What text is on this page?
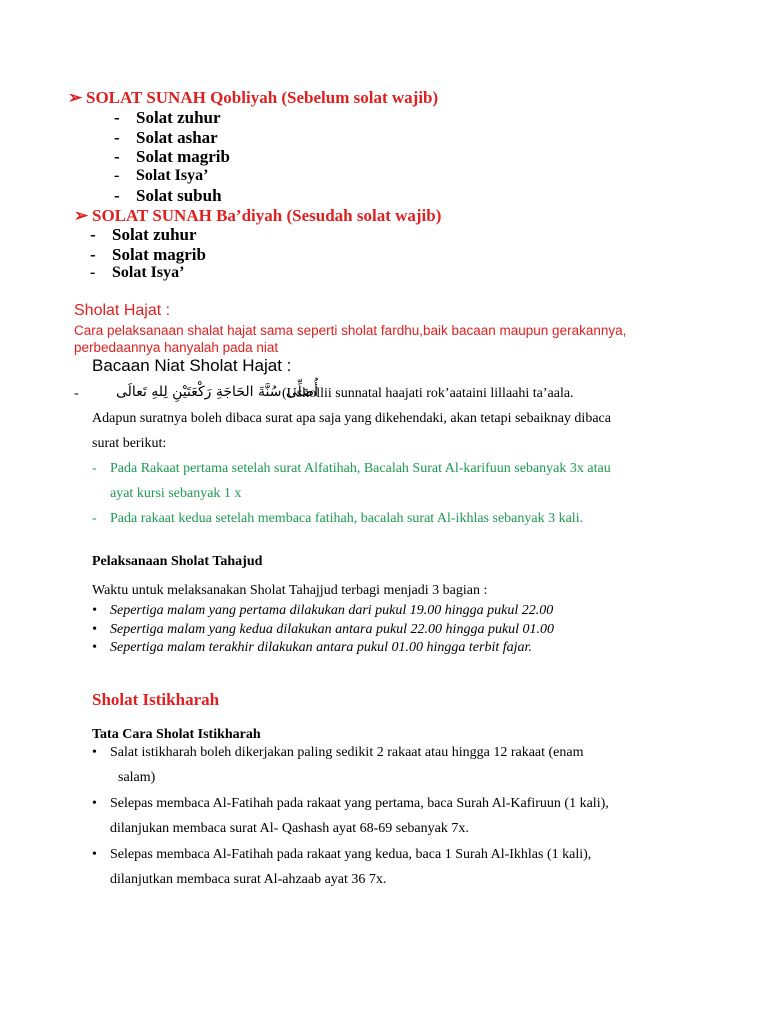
➢ SOLAT SUNAH Qobliyah (Sebelum solat wajib)
- Solat zuhur
- Solat ashar
- Solat magrib
- Solat Isya’
- Solat subuh
➢ SOLAT SUNAH Ba’diyah (Sesudah solat wajib)
- Solat zuhur
- Solat magrib
- Solat Isya’
Sholat Hajat :
Cara pelaksanaan shalat hajat sama seperti sholat fardhu,baik bacaan maupun gerakannya,
perbedaannya hanyalah pada niat
Bacaan Niat Sholat Hajat :
-	أُصَلِّى سُنَّةَ الحَاجَةِ رَكْعَتَيْنِ لِلهِ تَعالَى
(Ushollii sunnatal haajati rok’aataini lillaahi ta’aala.
Adapun suratnya boleh dibaca surat apa saja yang dikehendaki, akan tetapi sebaiknay dibaca
surat berikut:
- Pada Rakaat pertama setelah surat Alfatihah, Bacalah Surat Al-karifuun sebanyak 3x atau
ayat kursi sebanyak 1 x
- Pada rakaat kedua setelah membaca fatihah, bacalah surat Al-ikhlas sebanyak 3 kali.
Pelaksanaan Sholat Tahajud
Waktu untuk melaksanakan Sholat Tahajjud terbagi menjadi 3 bagian :
• Sepertiga malam yang pertama dilakukan dari pukul 19.00 hingga pukul 22.00
• Sepertiga malam yang kedua dilakukan antara pukul 22.00 hingga pukul 01.00
• Sepertiga malam terakhir dilakukan antara pukul 01.00 hingga terbit fajar.
Sholat Istikharah
Tata Cara Sholat Istikharah
• Salat istikharah boleh dikerjakan paling sedikit 2 rakaat atau hingga 12 rakaat (enam
salam)
• Selepas membaca Al-Fatihah pada rakaat yang pertama, baca Surah Al-Kafiruun (1 kali),
dilanjukan membaca surat Al- Qashash ayat 68-69 sebanyak 7x.
• Selepas membaca Al-Fatihah pada rakaat yang kedua, baca 1 Surah Al-Ikhlas (1 kali),
dilanjutkan membaca surat Al-ahzaab ayat 36 7x.
